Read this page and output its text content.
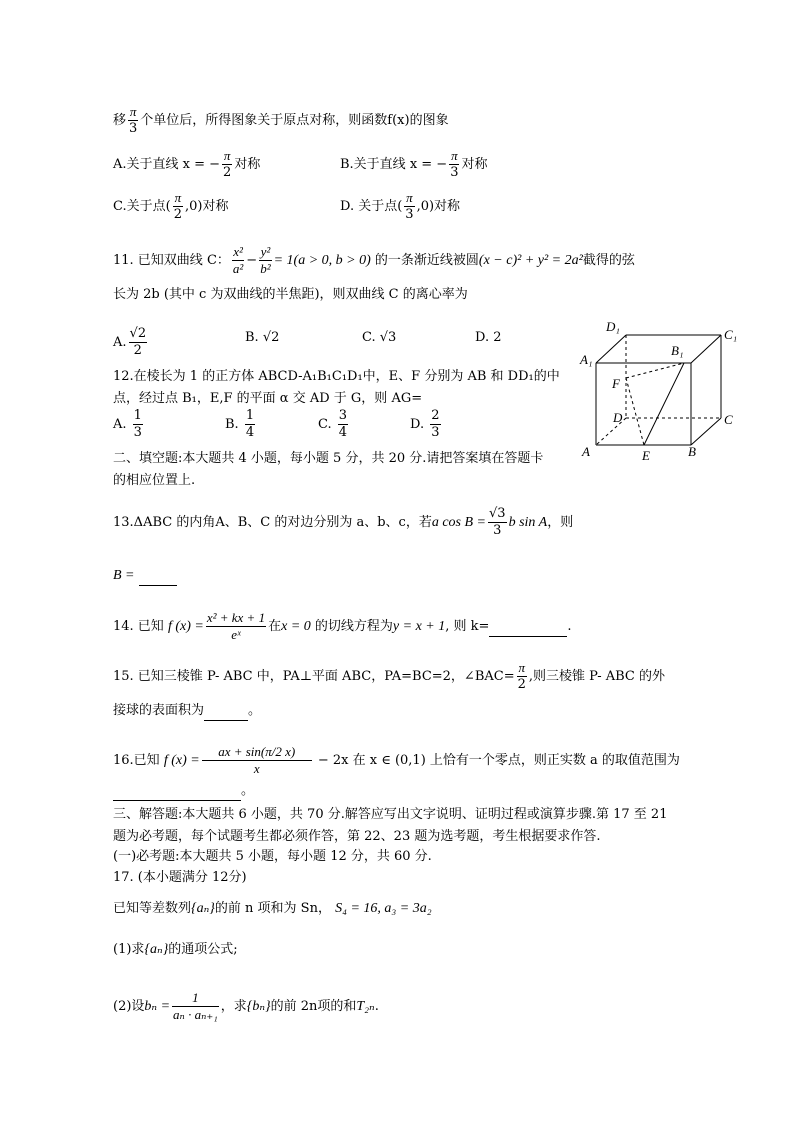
移 $\frac{\pi}{3}$ 个单位后，所得图象关于原点对称，则函数f(x)的图象
A.关于直线 x = − $\frac{\pi}{2}$ 对称	B.关于直线 x = − $\frac{\pi}{3}$ 对称
C.关于点( $\frac{\pi}{2} ,0$)对称	D. 关于点( $\frac{\pi}{3} ,0$)对称
11. 已知双曲线 C： $\frac{\text{x²}}{\text{a²}} - \frac{\text{y²}}{\text{b²}} = 1(a > 0$, b > 0) 的一条渐近线被圆(x − c)² + y² = 2a²截得的弦
长为 2b (其中 c 为双曲线的半焦距)，则双曲线 C 的离心率为
A. $\frac{√2}{2}$	B. √2	C. √3	D. 2
12.在棱长为 1 的正方体 ABCD-A₁B₁C₁D₁中，E、F 分别为 AB 和 DD₁的中
点，经过点 B₁，E,F 的平面 α 交 AD 于 G，则 AG=
A. $\frac{1}{3}$	B. $\frac{1}{4}$	C. $\frac{3}{4}$	D. $\frac{2}{3}$
D₁
C₁
A₁
B₁
F
D	C
A	E	B
二、填空题:本大题共 4 小题，每小题 5 分，共 20 分.请把答案填在答题卡
的相应位置上.
13.ΔABC 的内角A、B、C 的对边分别为 a、b、c，若a $\cos B = \frac{√3}{3}$ b sin A，则
B =
14. 已知 f $(x) = \frac{\text{x² + kx + 1}}{\text{eˣ}}$ 在x = 0 的切线方程为y = x + 1, 则 k=	.
15. 已知三棱锥 P- ABC 中，PA⊥平面 ABC，PA=BC=2，∠BAC= $\frac{\pi}{2}$ ,则三棱锥 P- ABC 的外
接球的表面积为	。
16.已知 f $(x) = \frac{ax + \sin(\pi/2 x)}{x} - 2x$ 在 x ∈ (0,1) 上恰有一个零点，则正实数 a 的取值范围为
。
三、解答题:本大题共 6 小题，共 70 分.解答应写出文字说明、证明过程或演算步骤.第 17 至 21
题为必考题，每个试题考生都必须作答，第 22、23 题为选考题，考生根据要求作答.
(一)必考题:本大题共 5 小题，每小题 12 分，共 60 分.
17. (本小题满分 12分)
已知等差数列{aₙ}的前 n 项和为 Sn， S₄ = 16, a₃ = 3a₂
(1)求{aₙ}的通项公式;
(2)设$b_n = \frac{1}{\text{aₙ · aₙ₊₁}}$ ，求{bₙ}的前 2n项的和T₂ₙ.
